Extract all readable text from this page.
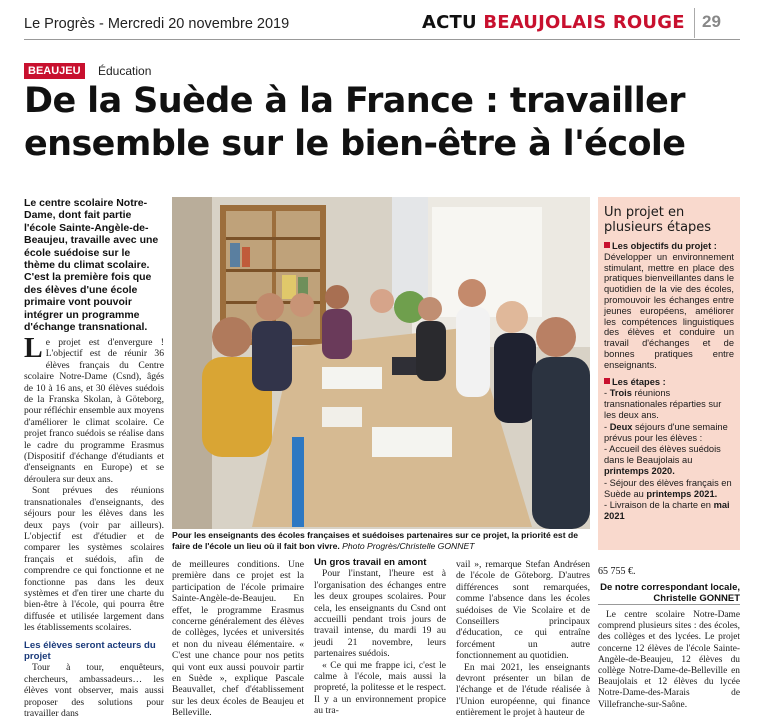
Le Progrès - Mercredi 20 novembre 2019	ACTU BEAUJOLAIS ROUGE 29
BEAUJEU	Éducation
De la Suède à la France : travailler ensemble sur le bien-être à l'école
Le centre scolaire Notre-Dame, dont fait partie l'école Sainte-Angèle-de-Beaujeu, travaille avec une école suédoise sur le thème du climat scolaire. C'est la première fois que des élèves d'une école primaire vont pouvoir intégrer un programme d'échange transnational.

Le projet est d'envergure ! L'objectif est de réunir 36 élèves français du Centre scolaire Notre-Dame (Csnd), âgés de 10 à 16 ans, et 30 élèves suédois de la Franska Skolan, à Göteborg, pour réfléchir ensemble aux moyens d'améliorer le climat scolaire. Ce projet franco suédois se réalise dans le cadre du programme Erasmus (Dispositif d'échange d'étudiants et d'enseignants en Europe) et se déroulera sur deux ans.

Sont prévues des réunions transnationales d'enseignants, des séjours pour les élèves dans les deux pays (voir par ailleurs). L'objectif est d'étudier et de comparer les systèmes scolaires français et suédois, afin de comprendre ce qui fonctionne et ne fonctionne pas dans les deux systèmes et d'en tirer une charte du bien-être à l'école, qui pourra être diffusée et utilisée largement dans les établissements scolaires.

Les élèves seront acteurs du projet

Tour à tour, enquêteurs, chercheurs, ambassadeurs… les élèves vont observer, mais aussi proposer des solutions pour travailler dans

Pour les enseignants des écoles françaises et suédoises partenaires sur ce projet, la priorité est de faire de l'école un lieu où il fait bon vivre. Photo Progrès/Christelle GONNET

de meilleures conditions. Une première dans ce projet est la participation de l'école primaire Sainte-Angèle-de-Beaujeu. En effet, le programme Erasmus concerne généralement des élèves de collèges, lycées et universités et non du niveau élémentaire. « C'est une chance pour nos petits qui vont eux aussi pouvoir partir en Suède », explique Pascale Beauvallet, chef d'établissement sur les deux écoles de Beaujeu et Belleville.

Un gros travail en amont

Pour l'instant, l'heure est à l'organisation des échanges entre les deux groupes scolaires. Pour cela, les enseignants du Csnd ont accueilli pendant trois jours de travail intense, du mardi 19 au jeudi 21 novembre, leurs partenaires suédois.

« Ce qui me frappe ici, c'est le calme à l'école, mais aussi la propreté, la politesse et le respect. Il y a un environnement propice au tra-

vail », remarque Stefan Andrésen de l'école de Göteborg. D'autres différences sont remarquées, comme l'absence dans les écoles suédoises de Vie Scolaire et de Conseillers principaux d'éducation, ce qui entraîne forcément un autre fonctionnement au quotidien.

En mai 2021, les enseignants devront présenter un bilan de l'échange et de l'étude réalisée à l'Union européenne, qui finance entièrement le projet à hauteur de

Un projet en plusieurs étapes
Les objectifs du projet :
Développer un environnement stimulant, mettre en place des pratiques bienveillantes dans le quotidien de la vie des écoles, promouvoir les échanges entre jeunes européens, améliorer les compétences linguistiques des élèves et conduire un travail d'échanges et de bonnes pratiques entre enseignants.
Les étapes :
- Trois réunions transnationales réparties sur les deux ans.
- Deux séjours d'une semaine prévus pour les élèves :
- Accueil des élèves suédois dans le Beaujolais au printemps 2020.
- Séjour des élèves français en Suède au printemps 2021.
- Livraison de la charte en mai 2021
65 755 €.
De notre correspondant locale,
Christelle GONNET

Le centre scolaire Notre-Dame comprend plusieurs sites : des écoles, des collèges et des lycées. Le projet concerne 12 élèves de l'école Sainte-Angèle-de-Beaujeu, 12 élèves du collège Notre-Dame-de-Belleville en Beaujolais et 12 élèves du lycée Notre-Dame-des-Marais de Villefranche-sur-Saône.
